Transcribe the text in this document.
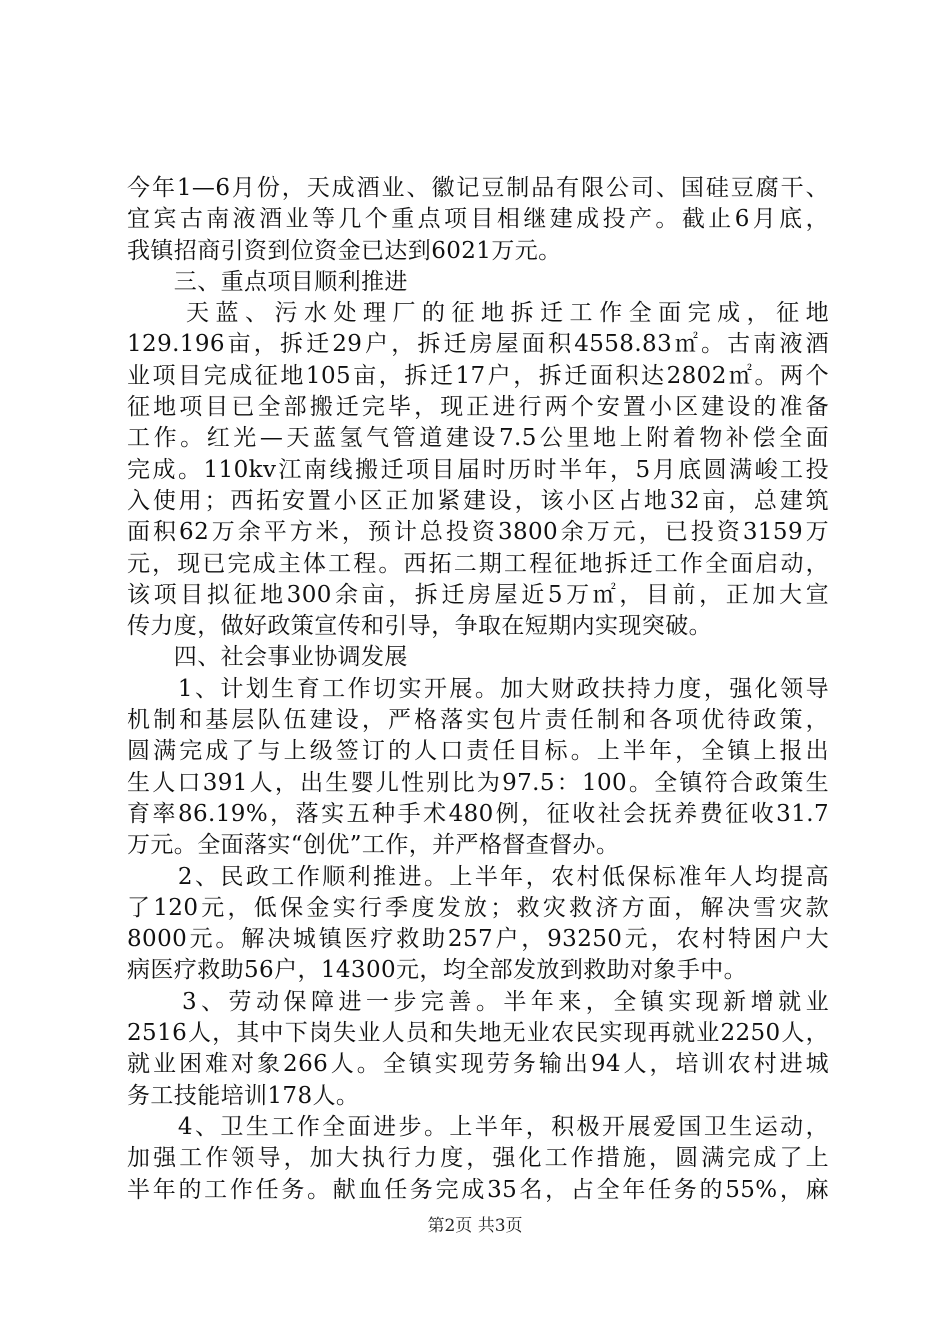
今年1—6月份，天成酒业、徽记豆制品有限公司、国硅豆腐干、
宜宾古南液酒业等几个重点项目相继建成投产。截止6月底，
我镇招商引资到位资金已达到6021万元。
　　三、重点项目顺利推进
　　天蓝、污水处理厂的征地拆迁工作全面完成，征地
129.196亩，拆迁29户，拆迁房屋面积4558.83㎡。古南液酒
业项目完成征地105亩，拆迁17户，拆迁面积达2802㎡。两个
征地项目已全部搬迁完毕，现正进行两个安置小区建设的准备
工作。红光—天蓝氢气管道建设7.5公里地上附着物补偿全面
完成。110kv江南线搬迁项目届时历时半年，5月底圆满峻工投
入使用；西拓安置小区正加紧建设，该小区占地32亩，总建筑
面积62万余平方米，预计总投资3800余万元，已投资3159万
元，现已完成主体工程。西拓二期工程征地拆迁工作全面启动，
该项目拟征地300余亩，拆迁房屋近5万㎡，目前，正加大宣
传力度，做好政策宣传和引导，争取在短期内实现突破。
　　四、社会事业协调发展
　　1、计划生育工作切实开展。加大财政扶持力度，强化领导
机制和基层队伍建设，严格落实包片责任制和各项优待政策，
圆满完成了与上级签订的人口责任目标。上半年，全镇上报出
生人口391人，出生婴儿性别比为97.5：100。全镇符合政策生
育率86.19%，落实五种手术480例，征收社会抚养费征收31.7
万元。全面落实“创优”工作，并严格督查督办。
　　2、民政工作顺利推进。上半年，农村低保标准年人均提高
了120元，低保金实行季度发放；救灾救济方面，解决雪灾款
8000元。解决城镇医疗救助257户，93250元，农村特困户大
病医疗救助56户，14300元，均全部发放到救助对象手中。
　　3、劳动保障进一步完善。半年来，全镇实现新增就业
2516人，其中下岗失业人员和失地无业农民实现再就业2250人，
就业困难对象266人。全镇实现劳务输出94人，培训农村进城
务工技能培训178人。
　　4、卫生工作全面进步。上半年，积极开展爱国卫生运动，
加强工作领导，加大执行力度，强化工作措施，圆满完成了上
半年的工作任务。献血任务完成35名，占全年任务的55%，麻
第2页 共3页
